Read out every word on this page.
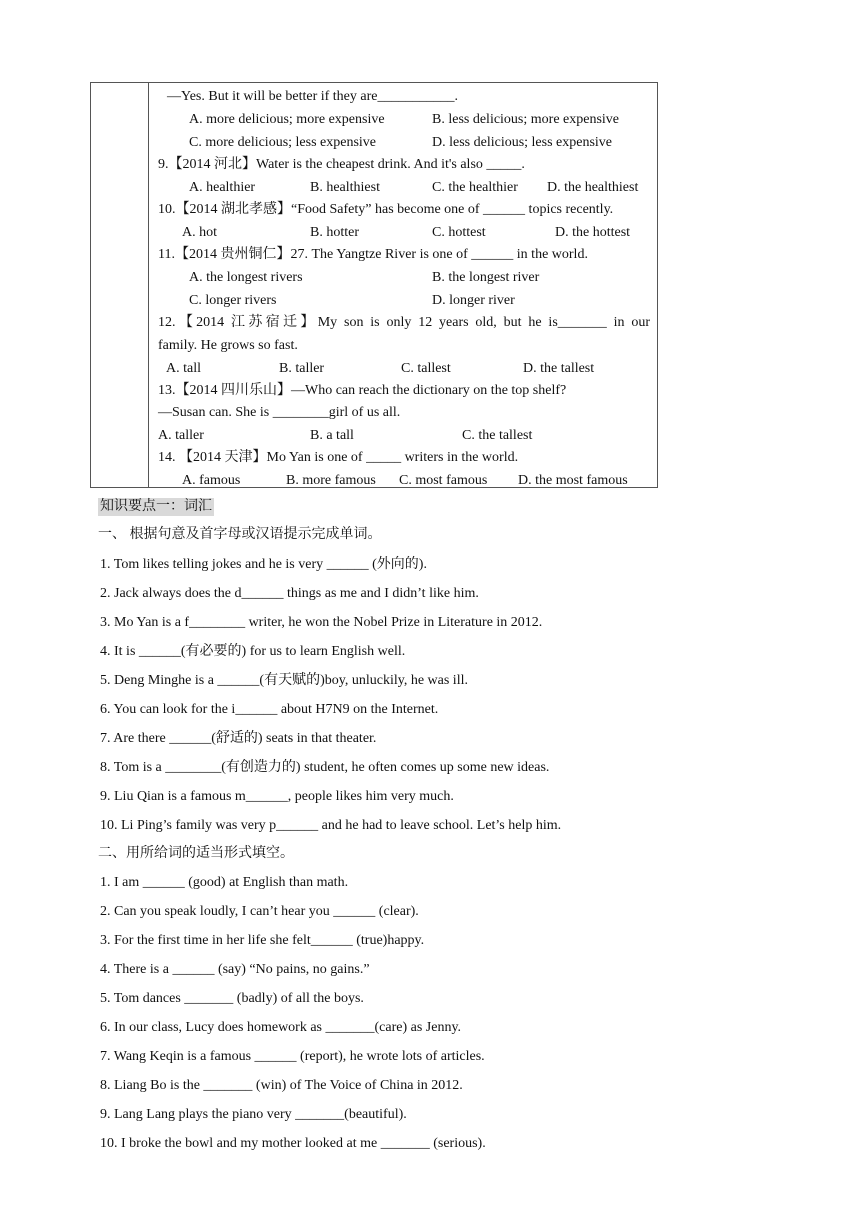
—Yes. But it will be better if they are___________.
A. more delicious; more expensive	B. less delicious; more expensive
C. more delicious; less expensive	D. less delicious; less expensive
9.【2014 河北】Water is the cheapest drink. And it's also _____.
A. healthier	B. healthiest	C. the healthier D. the healthiest
10.【2014 湖北孝感】“Food Safety” has become one of ______ topics recently.
A. hot	B. hotter	C. hottest	D. the hottest
11.【2014 贵州铜仁】27. The Yangtze River is one of ______ in the world.
A. the longest rivers	B. the longest river
C. longer rivers	D. longer river
12.【2014 江苏宿迁】My son is only 12 years old, but he is_______ in our
family. He grows so fast.
A. tall	B. taller	C. tallest	D. the tallest
13.【2014 四川乐山】—Who can reach the dictionary on the top shelf?
—Susan can. She is ________girl of us all.
A. taller	B. a tall	C. the tallest
14. 【2014 天津】Mo Yan is one of _____ writers in the world.
A. famous	B. more famous C. most famous D. the most famous
知识要点一：词汇
一、 根据句意及首字母或汉语提示完成单词。
1. Tom likes telling jokes and he is very ______ (外向的).
2. Jack always does the d______ things as me and I didn’t like him.
3. Mo Yan is a f________ writer, he won the Nobel Prize in Literature in 2012.
4. It is ______(有必要的) for us to learn English well.
5. Deng Minghe is a ______(有天赋的)boy, unluckily, he was ill.
6. You can look for the i______ about H7N9 on the Internet.
7. Are there ______(舒适的) seats in that theater.
8. Tom is a ________(有创造力的) student, he often comes up some new ideas.
9. Liu Qian is a famous m______, people likes him very much.
10. Li Ping’s family was very p______ and he had to leave school. Let’s help him.
二、用所给词的适当形式填空。
1. I am ______ (good) at English than math.
2. Can you speak loudly, I can’t hear you ______ (clear).
3. For the first time in her life she felt______ (true)happy.
4. There is a ______ (say) “No pains, no gains.”
5. Tom dances _______ (badly) of all the boys.
6. In our class, Lucy does homework as _______(care) as Jenny.
7. Wang Keqin is a famous ______ (report), he wrote lots of articles.
8. Liang Bo is the _______ (win) of The Voice of China in 2012.
9. Lang Lang plays the piano very _______(beautiful).
10. I broke the bowl and my mother looked at me _______ (serious).
